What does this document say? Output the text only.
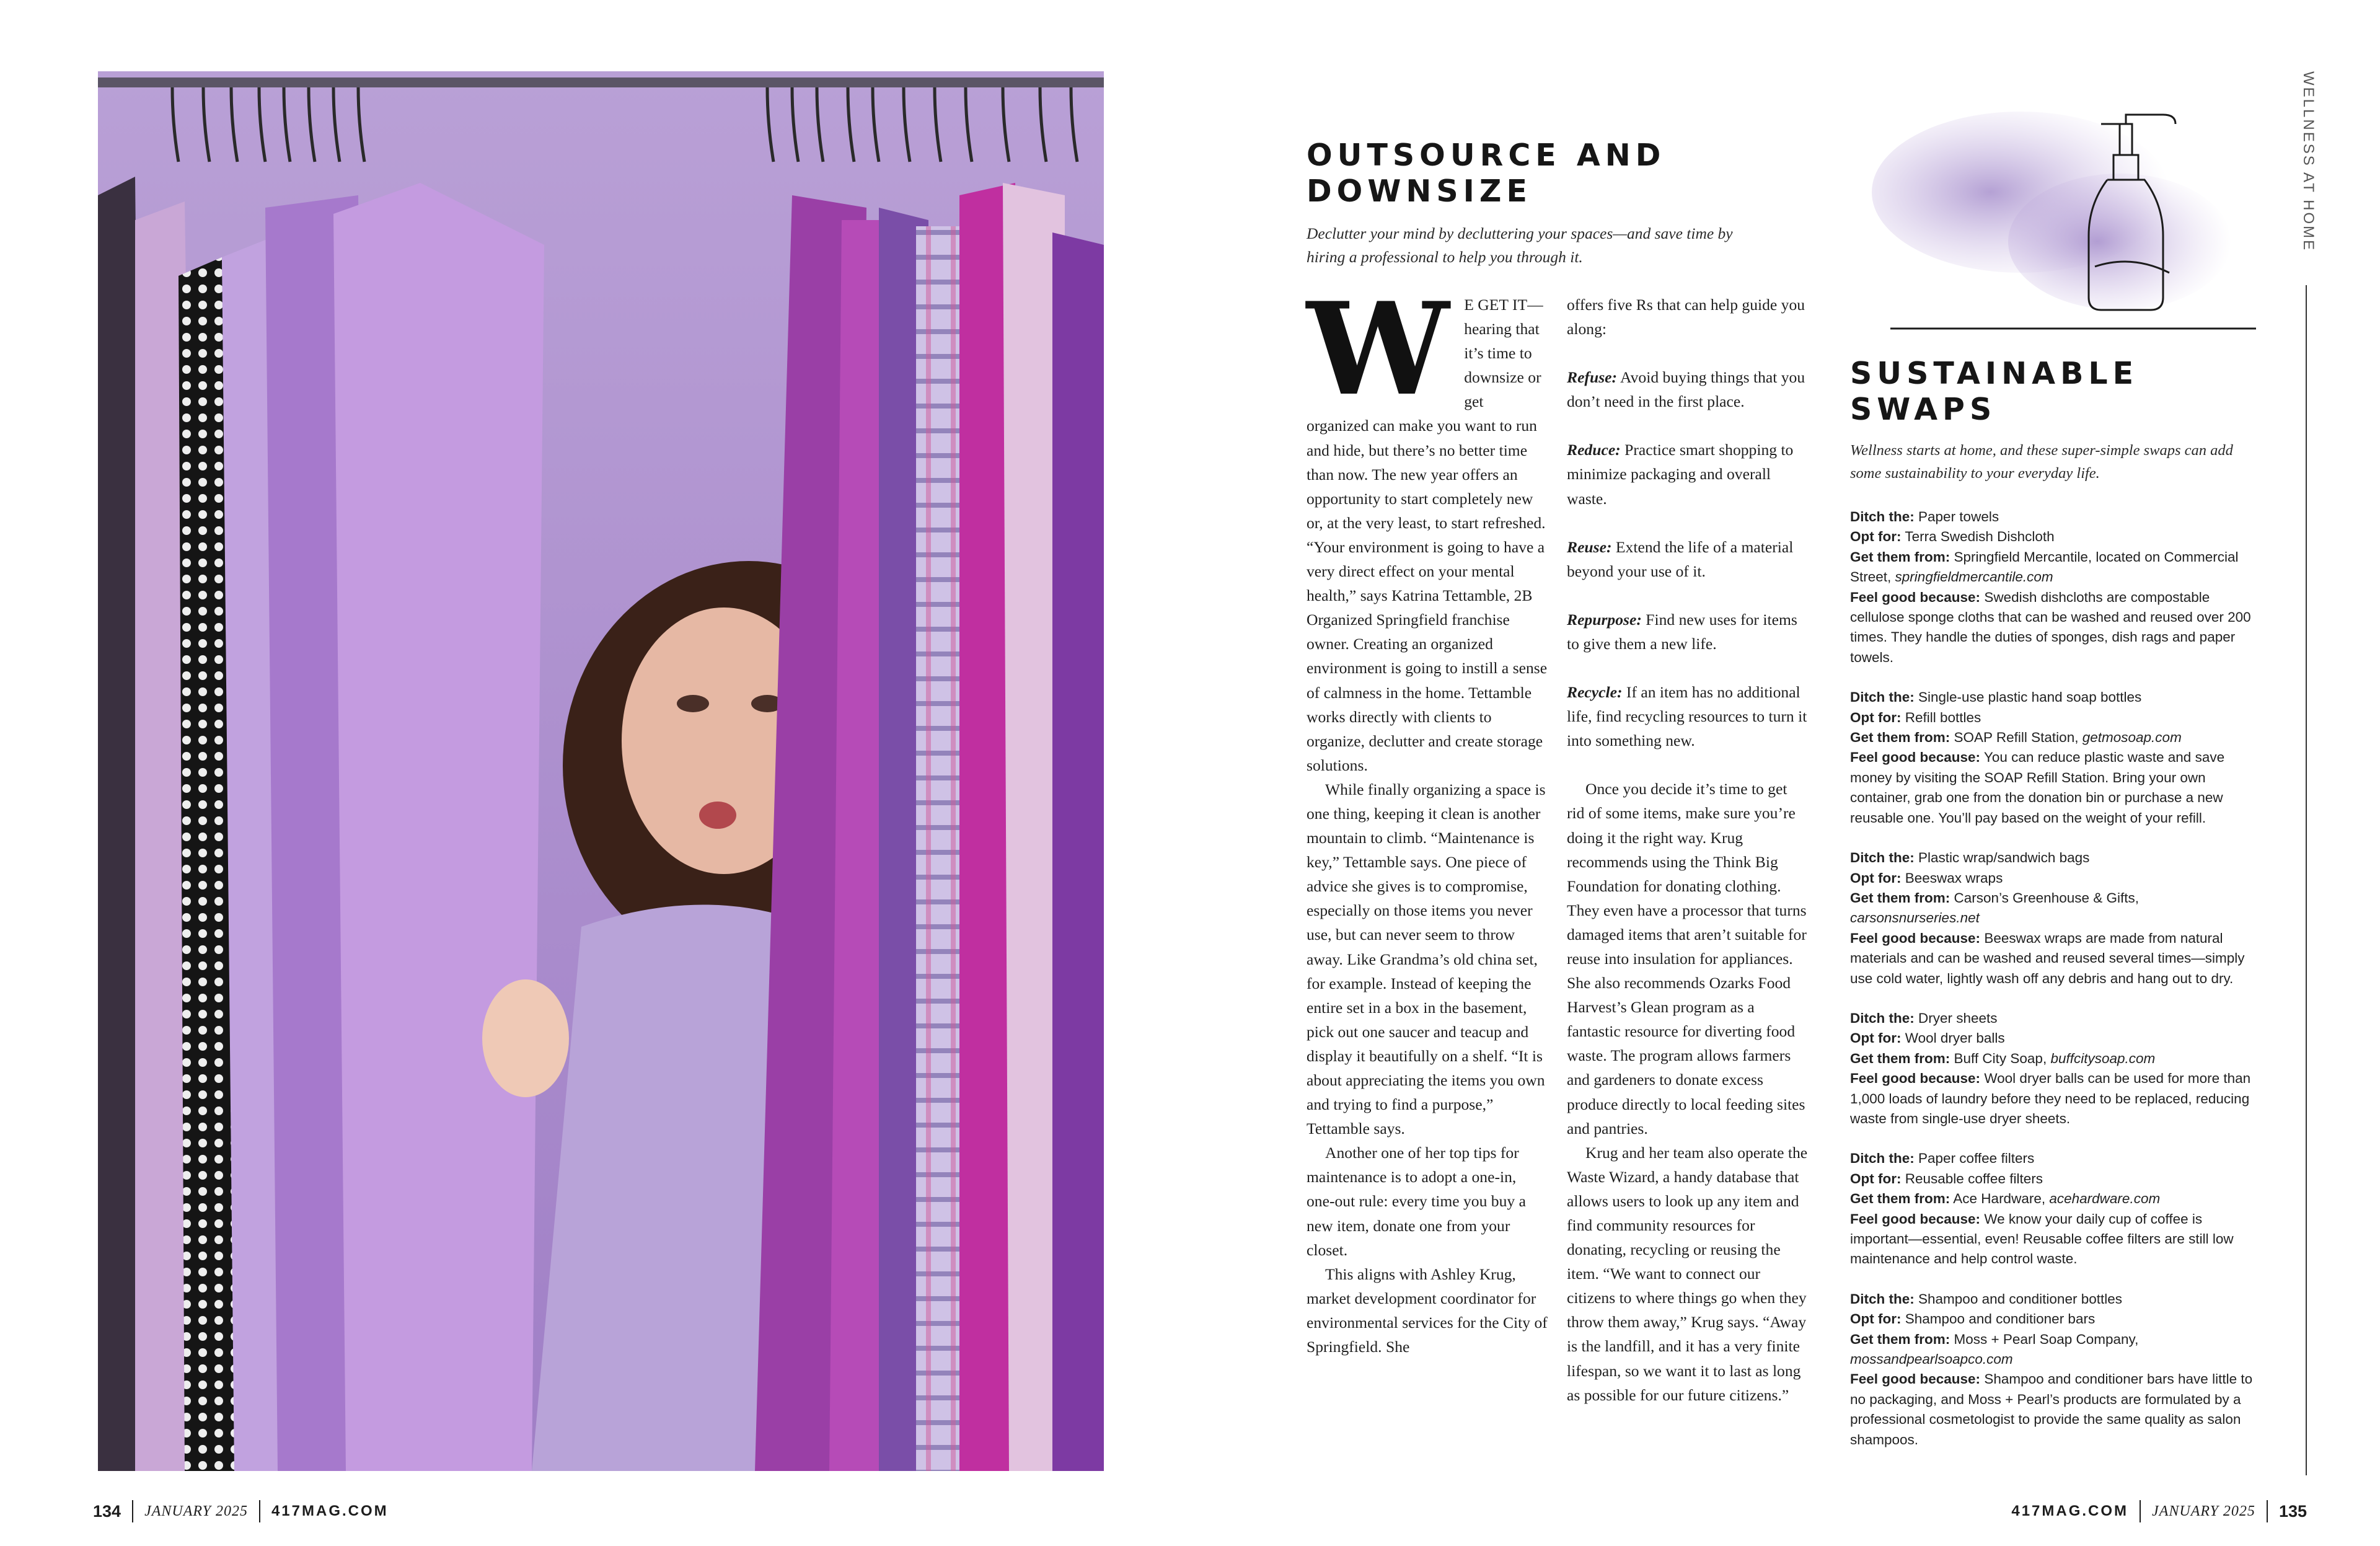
134 JANUARY 2025 417MAG.COM
OUTSOURCE AND
DOWNSIZE
Declutter your mind by decluttering your spaces—and save time by hiring a professional to help you through it.
W E GET IT— hearing that it’s time to downsize or get organized can make you want to run and hide, but there’s no better time than now. The new year offers an opportunity to start completely new or, at the very least, to start refreshed. “Your environment is going to have a very direct effect on your mental health,” says Katrina Tettamble, 2B Organized Springfield franchise owner. Creating an organized environment is going to instill a sense of calmness in the home. Tettamble works directly with clients to organize, declutter and create storage solutions.

While finally organizing a space is one thing, keeping it clean is another mountain to climb. “Maintenance is key,” Tettamble says. One piece of advice she gives is to compromise, especially on those items you never use, but can never seem to throw away. Like Grandma’s old china set, for example. Instead of keeping the entire set in a box in the basement, pick out one saucer and teacup and display it beautifully on a shelf. “It is about appreciating the items you own and trying to find a purpose,” Tettamble says.

Another one of her top tips for maintenance is to adopt a one-in, one-out rule: every time you buy a new item, donate one from your closet.

This aligns with Ashley Krug, market development coordinator for environmental services for the City of Springfield. She

offers five Rs that can help guide you along:

Refuse: Avoid buying things that you don’t need in the first place.

Reduce: Practice smart shopping to minimize packaging and overall waste.

Reuse: Extend the life of a material beyond your use of it.

Repurpose: Find new uses for items to give them a new life.

Recycle: If an item has no additional life, find recycling resources to turn it into something new.

Once you decide it’s time to get rid of some items, make sure you’re doing it the right way. Krug recommends using the Think Big Foundation for donating clothing. They even have a processor that turns damaged items that aren’t suitable for reuse into insulation for appliances. She also recommends Ozarks Food Harvest’s Glean program as a fantastic resource for diverting food waste. The program allows farmers and gardeners to donate excess produce directly to local feeding sites and pantries.

Krug and her team also operate the Waste Wizard, a handy database that allows users to look up any item and find community resources for donating, recycling or reusing the item. “We want to connect our citizens to where things go when they throw them away,” Krug says. “Away is the landfill, and it has a very finite lifespan, so we want it to last as long as possible for our future citizens.”

WELLNESS AT HOME
SUSTAINABLE
SWAPS
Wellness starts at home, and these super-simple swaps can add some sustainability to your everyday life.
Ditch the: Paper towels
Opt for: Terra Swedish Dishcloth
Get them from: Springfield Mercantile, located on Commercial Street, springfieldmercantile.com
Feel good because: Swedish dishcloths are compostable cellulose sponge cloths that can be washed and reused over 200 times. They handle the duties of sponges, dish rags and paper towels.
Ditch the: Single-use plastic hand soap bottles
Opt for: Refill bottles
Get them from: SOAP Refill Station, getmosoap.com
Feel good because: You can reduce plastic waste and save money by visiting the SOAP Refill Station. Bring your own container, grab one from the donation bin or purchase a new reusable one. You’ll pay based on the weight of your refill.
Ditch the: Plastic wrap/sandwich bags
Opt for: Beeswax wraps
Get them from: Carson’s Greenhouse & Gifts, carsonsnurseries.net
Feel good because: Beeswax wraps are made from natural materials and can be washed and reused several times—simply use cold water, lightly wash off any debris and hang out to dry.
Ditch the: Dryer sheets
Opt for: Wool dryer balls
Get them from: Buff City Soap, buffcitysoap.com
Feel good because: Wool dryer balls can be used for more than 1,000 loads of laundry before they need to be replaced, reducing waste from single-use dryer sheets.
Ditch the: Paper coffee filters
Opt for: Reusable coffee filters
Get them from: Ace Hardware, acehardware.com
Feel good because: We know your daily cup of coffee is important—essential, even! Reusable coffee filters are still low maintenance and help control waste.
Ditch the: Shampoo and conditioner bottles
Opt for: Shampoo and conditioner bars
Get them from: Moss + Pearl Soap Company, mossandpearlsoapco.com
Feel good because: Shampoo and conditioner bars have little to no packaging, and Moss + Pearl’s products are formulated by a professional cosmetologist to provide the same quality as salon shampoos.
417MAG.COM JANUARY 2025 135
